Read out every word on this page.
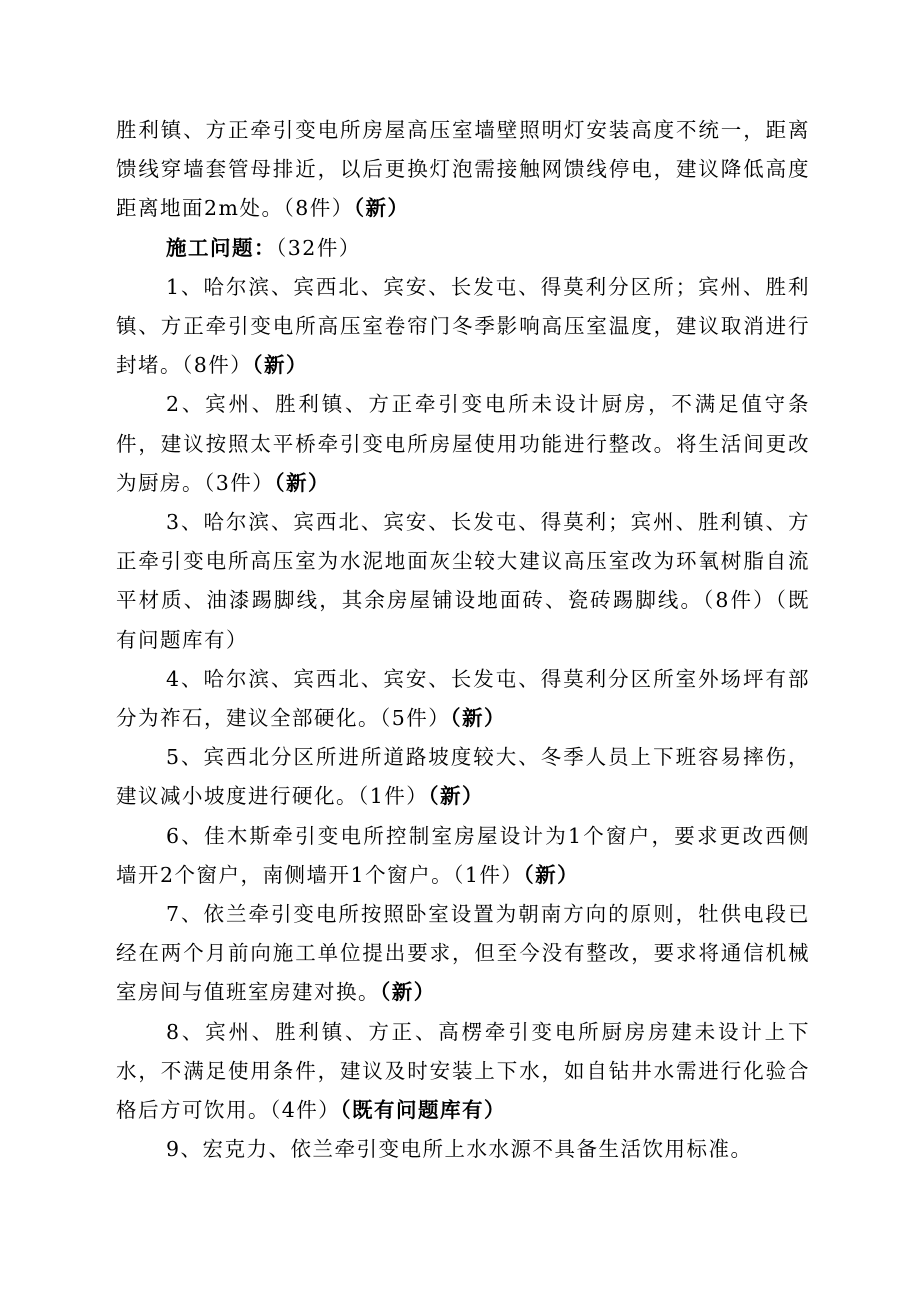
胜利镇、方正牵引变电所房屋高压室墙壁照明灯安装高度不统一，距离馈线穿墙套管母排近，以后更换灯泡需接触网馈线停电，建议降低高度距离地面2m处。（8件）（新）

施工问题：（32件）

1、哈尔滨、宾西北、宾安、长发屯、得莫利分区所；宾州、胜利镇、方正牵引变电所高压室卷帘门冬季影响高压室温度，建议取消进行封堵。（8件）（新）

2、宾州、胜利镇、方正牵引变电所未设计厨房，不满足值守条件，建议按照太平桥牵引变电所房屋使用功能进行整改。将生活间更改为厨房。（3件）（新）

3、哈尔滨、宾西北、宾安、长发屯、得莫利；宾州、胜利镇、方正牵引变电所高压室为水泥地面灰尘较大建议高压室改为环氧树脂自流平材质、油漆踢脚线，其余房屋铺设地面砖、瓷砖踢脚线。（8件）（既有问题库有）

4、哈尔滨、宾西北、宾安、长发屯、得莫利分区所室外场坪有部分为祚石，建议全部硬化。（5件）（新）

5、宾西北分区所进所道路坡度较大、冬季人员上下班容易摔伤，建议减小坡度进行硬化。（1件）（新）

6、佳木斯牵引变电所控制室房屋设计为1个窗户，要求更改西侧墙开2个窗户，南侧墙开1个窗户。（1件）（新）

7、依兰牵引变电所按照卧室设置为朝南方向的原则，牡供电段已经在两个月前向施工单位提出要求，但至今没有整改，要求将通信机械室房间与值班室房建对换。（新）

8、宾州、胜利镇、方正、高楞牵引变电所厨房房建未设计上下水，不满足使用条件，建议及时安装上下水，如自钻井水需进行化验合格后方可饮用。（4件）（既有问题库有）

9、宏克力、依兰牵引变电所上水水源不具备生活饮用标准。
